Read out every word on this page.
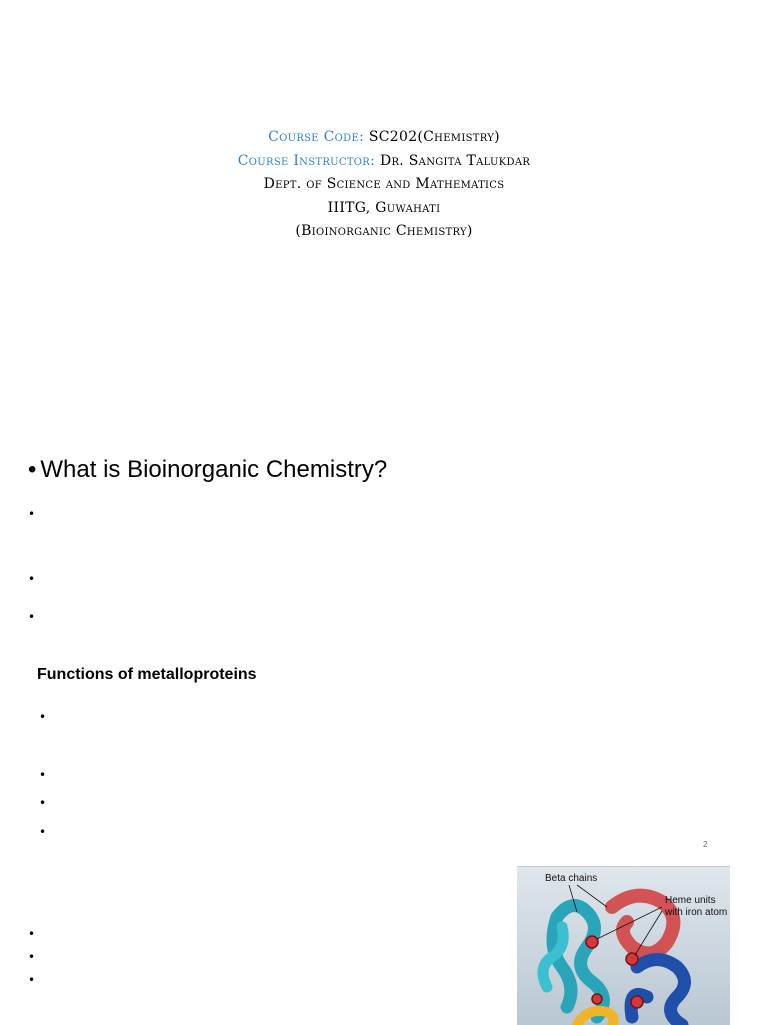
Course Code: SC202(Chemistry)
Course Instructor: Dr. Sangita Talukdar
Dept. of Science and Mathematics
IIITG, Guwahati
(Bioinorganic Chemistry)
• What is Bioinorganic Chemistry?
•
•
•
Functions of metalloproteins
•
•
•
•
2
•
•
•
Beta chains
Heme units
with iron atom
